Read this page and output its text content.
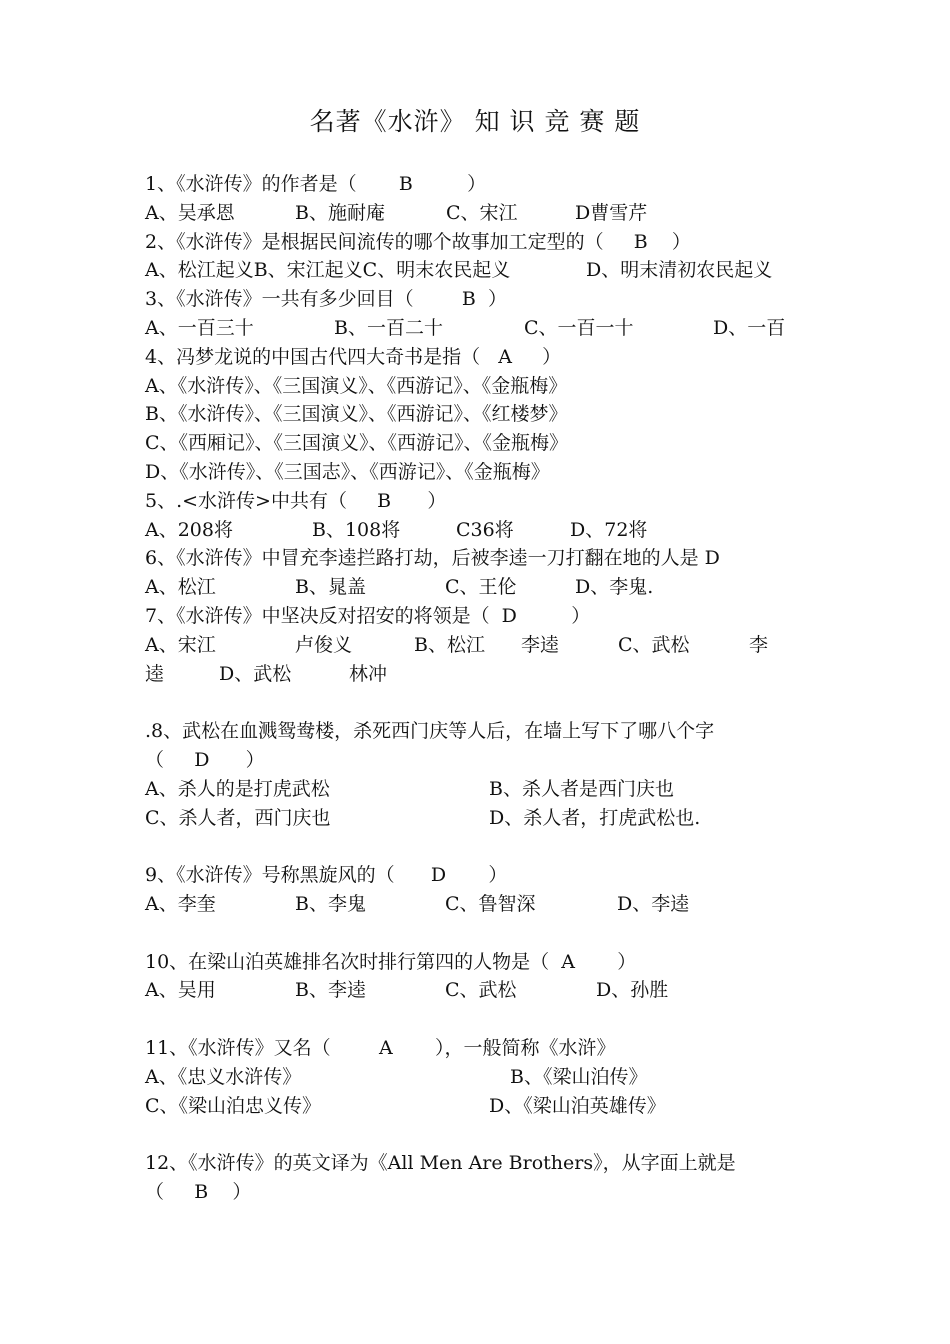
名著《水浒》 知 识 竞 赛 题
1、《水浒传》的作者是（       B         ）

A、吴承恩

	B、施耐庵

	C、宋江

	D曹雪芹

2、《水浒传》是根据民间流传的哪个故事加工定型的（     B    ）

A、松江起义B、宋江起义C、明末农民起义

	D、明末清初农民起义

3、《水浒传》一共有多少回目（        B  ）

A、一百三十

	B、一百二十

	C、一百一十

	D、一百

4、冯梦龙说的中国古代四大奇书是指（   A     ）
A、《水浒传》、《三国演义》、《西游记》、《金瓶梅》
B、《水浒传》、《三国演义》、《西游记》、《红楼梦》
C、《西厢记》、《三国演义》、《西游记》、《金瓶梅》
D、《水浒传》、《三国志》、《西游记》、《金瓶梅》
5、.<水浒传>中共有（     B      ）

A、208将

	B、108将

	C36将

	D、72将

6、《水浒传》中冒充李逵拦路打劫，后被李逵一刀打翻在地的人是 D

A、松江

	B、晁盖

	C、王伦

	D、李鬼.

7、《水浒传》中坚决反对招安的将领是（  D         ）

A、宋江

	卢俊义

	B、松江

李逵

	C、武松

	李

逵

	D、武松

	林冲

.8、武松在血溅鸳鸯楼，杀死西门庆等人后，在墙上写下了哪八个字
（     D      ）

A、杀人的是打虎武松

	B、杀人者是西门庆也

C、杀人者，西门庆也

	D、杀人者，打虎武松也.

9、《水浒传》号称黑旋风的（      D       ）

A、李奎

	B、李鬼

	C、鲁智深

	D、李逵

10、在梁山泊英雄排名次时排行第四的人物是（  A       ）

A、吴用

	B、李逵

	C、武松

	D、孙胜

11、《水浒传》又名（        A       ），一般简称《水浒》

A、《忠义水浒传》

	B、《梁山泊传》

C、《梁山泊忠义传》

	D、《梁山泊英雄传》

12、《水浒传》的英文译为《All Men Are Brothers》，从字面上就是
（     B    ）
